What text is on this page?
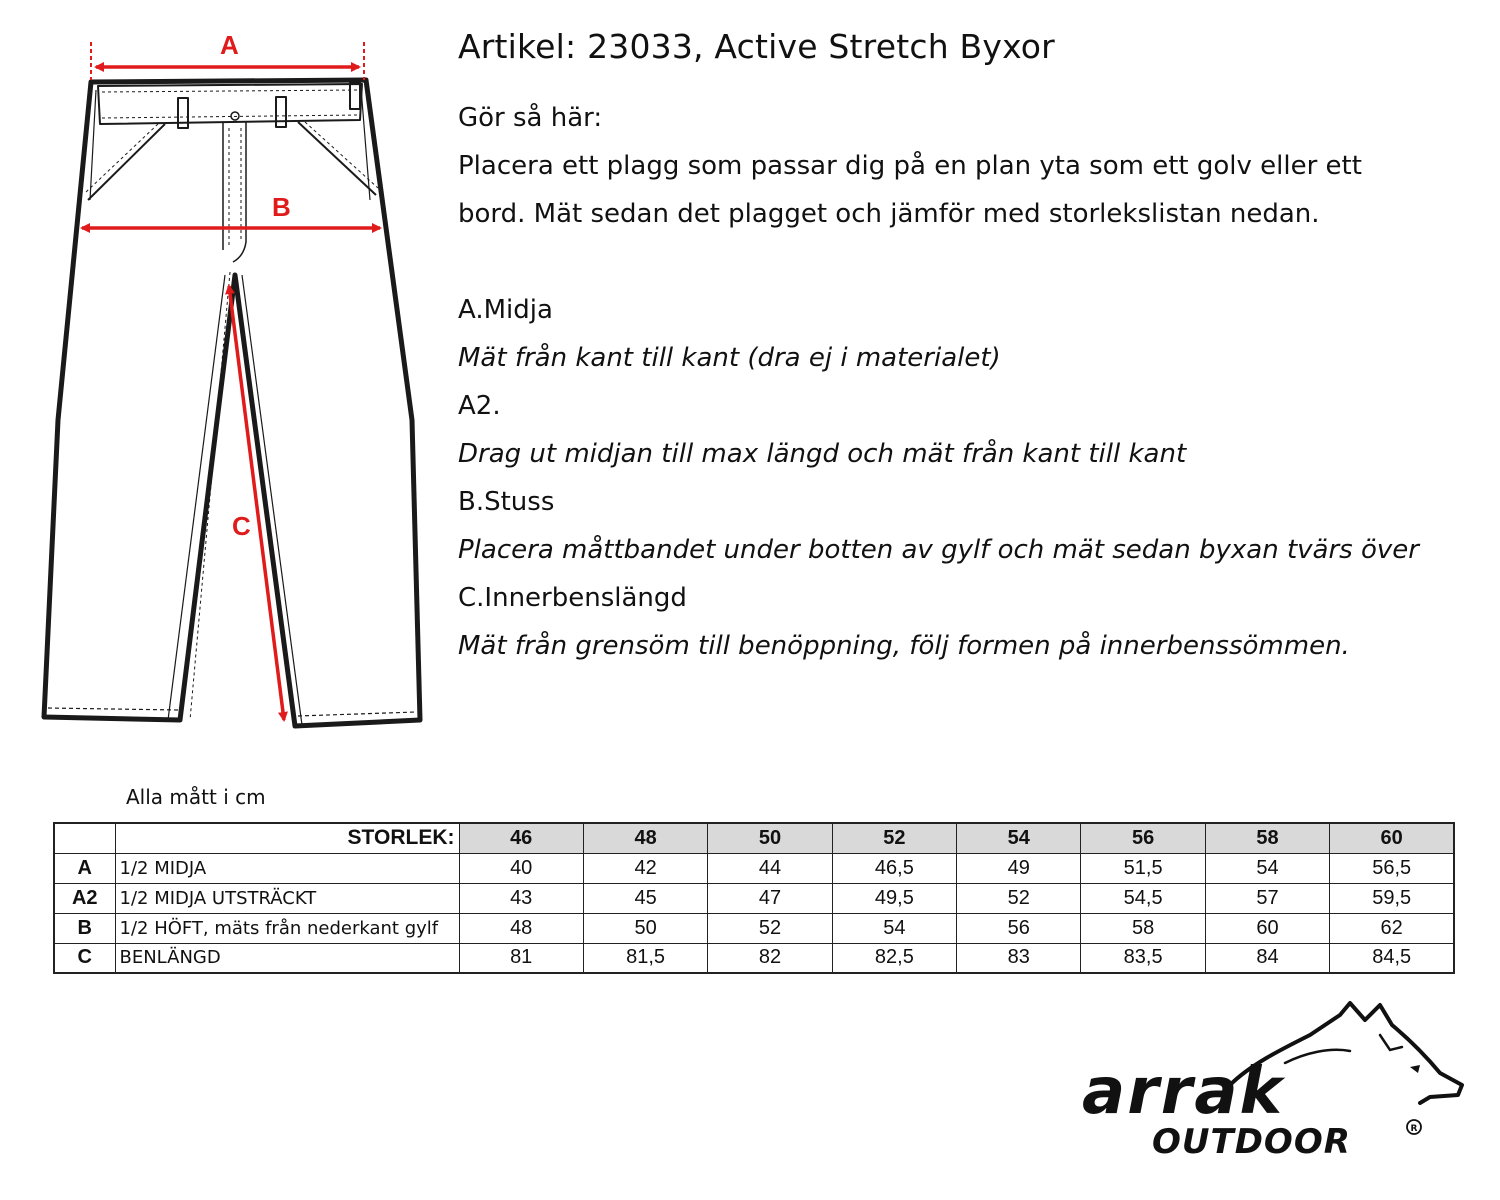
A
B
C
Artikel: 23033, Active Stretch Byxor
Gör så här:
Placera ett plagg som passar dig på en plan yta som ett golv eller ett
bord. Mät sedan det plagget och jämför med storlekslistan nedan.
A.Midja
Mät från kant till kant (dra ej i materialet)
A2.
Drag ut midjan till max längd och mät från kant till kant
B.Stuss
Placera måttbandet under botten av gylf och mät sedan byxan tvärs över
C.Innerbenslängd
Mät från grensöm till benöppning, följ formen på innerbenssömmen.
Alla mått i cm
	STORLEK:	46	48	50	52	54	56	58	60
A	1/2 MIDJA	40	42	44	46,5	49	51,5	54	56,5
A2	1/2 MIDJA UTSTRÄCKT	43	45	47	49,5	52	54,5	57	59,5
B	1/2 HÖFT, mäts från nederkant gylf	48	50	52	54	56	58	60	62
C	BENLÄNGD	81	81,5	82	82,5	83	83,5	84	84,5
arrak
OUTDOOR	R
